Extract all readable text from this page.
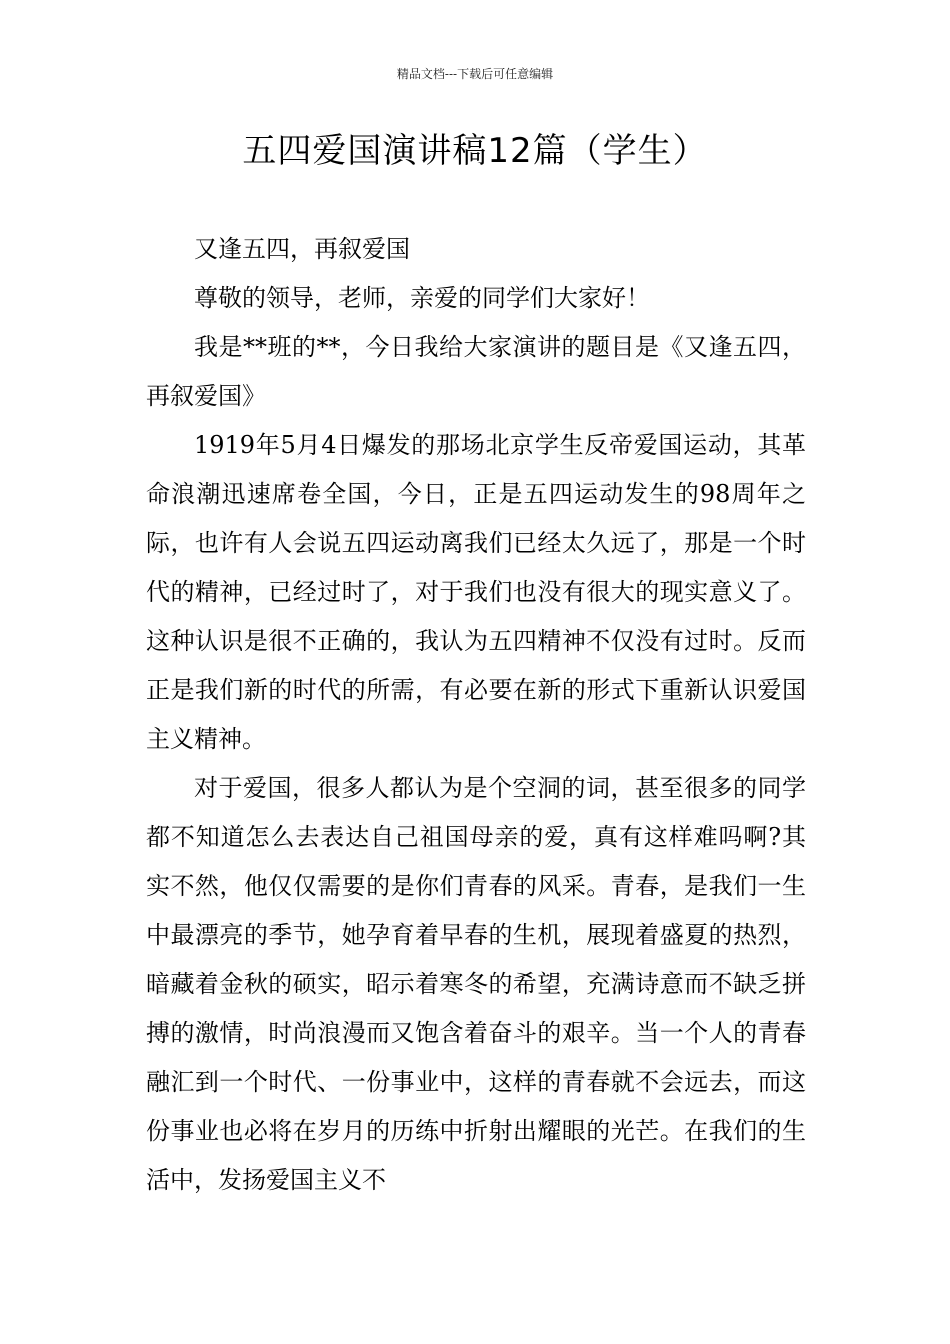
精品文档---下载后可任意编辑
五四爱国演讲稿12篇（学生）

又逢五四，再叙爱国

尊敬的领导，老师，亲爱的同学们大家好！

我是**班的**，今日我给大家演讲的题目是《又逢五四，再叙爱国》

1919年5月4日爆发的那场北京学生反帝爱国运动，其革命浪潮迅速席卷全国，今日，正是五四运动发生的98周年之际，也许有人会说五四运动离我们已经太久远了，那是一个时代的精神，已经过时了，对于我们也没有很大的现实意义了。这种认识是很不正确的，我认为五四精神不仅没有过时。反而正是我们新的时代的所需，有必要在新的形式下重新认识爱国主义精神。

对于爱国，很多人都认为是个空洞的词，甚至很多的同学都不知道怎么去表达自己祖国母亲的爱，真有这样难吗啊?其实不然，他仅仅需要的是你们青春的风采。青春，是我们一生中最漂亮的季节，她孕育着早春的生机，展现着盛夏的热烈，暗藏着金秋的硕实，昭示着寒冬的希望，充满诗意而不缺乏拼搏的激情，时尚浪漫而又饱含着奋斗的艰辛。当一个人的青春融汇到一个时代、一份事业中，这样的青春就不会远去，而这份事业也必将在岁月的历练中折射出耀眼的光芒。在我们的生活中，发扬爱国主义不
